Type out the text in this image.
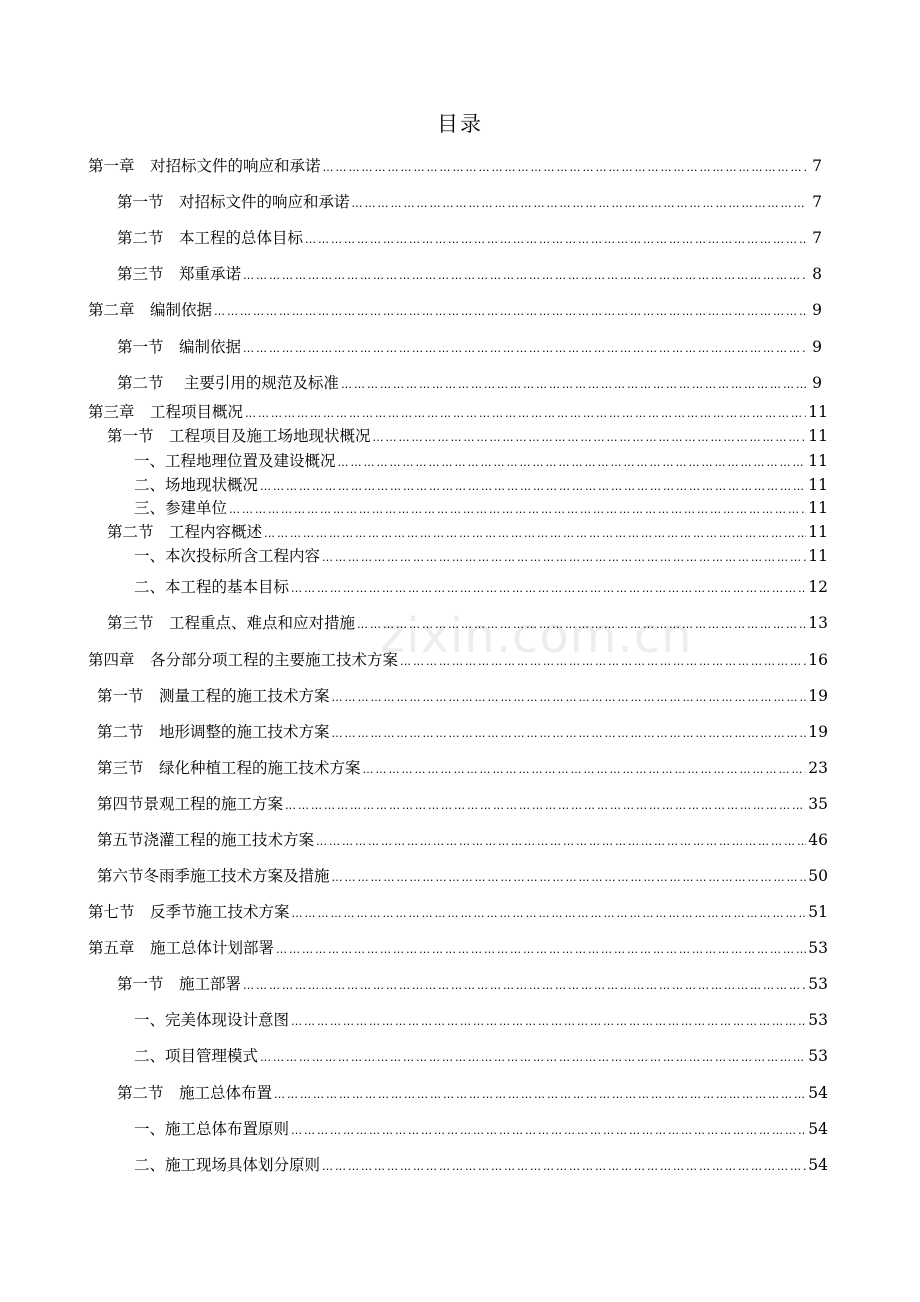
目录
第一章　对招标文件的响应和承诺 ………………………………………………………………………………………………………………………………………………………………………………	7
第一节　对招标文件的响应和承诺 ………………………………………………………………………………………………………………………………………………………………………………	7
第二节　本工程的总体目标 ………………………………………………………………………………………………………………………………………………………………………………	7
第三节　郑重承诺 ………………………………………………………………………………………………………………………………………………………………………………	8
第二章　编制依据 ………………………………………………………………………………………………………………………………………………………………………………	9
第一节　编制依据 ………………………………………………………………………………………………………………………………………………………………………………	9
第二节　 主要引用的规范及标准 ………………………………………………………………………………………………………………………………………………………………………………	9
第三章　工程项目概况 ………………………………………………………………………………………………………………………………………………………………………………	11
第一节　工程项目及施工场地现状概况 ………………………………………………………………………………………………………………………………………………………………………………	11
一、工程地理位置及建设概况 ………………………………………………………………………………………………………………………………………………………………………………	11
二、场地现状概况 ………………………………………………………………………………………………………………………………………………………………………………	11
三、参建单位 ………………………………………………………………………………………………………………………………………………………………………………	11
第二节　工程内容概述 ………………………………………………………………………………………………………………………………………………………………………………	11
一、本次投标所含工程内容 ………………………………………………………………………………………………………………………………………………………………………………	11
二、本工程的基本目标 ………………………………………………………………………………………………………………………………………………………………………………	12
第三节　工程重点、难点和应对措施 ………………………………………………………………………………………………………………………………………………………………………………	13
第四章　各分部分项工程的主要施工技术方案 ………………………………………………………………………………………………………………………………………………………………………………	16
第一节　测量工程的施工技术方案 ………………………………………………………………………………………………………………………………………………………………………………	19
第二节　地形调整的施工技术方案 ………………………………………………………………………………………………………………………………………………………………………………	19
第三节　绿化种植工程的施工技术方案 ………………………………………………………………………………………………………………………………………………………………………………	23
第四节景观工程的施工方案 ………………………………………………………………………………………………………………………………………………………………………………	35
第五节浇灌工程的施工技术方案 ………………………………………………………………………………………………………………………………………………………………………………	46
第六节冬雨季施工技术方案及措施 ………………………………………………………………………………………………………………………………………………………………………………	50
第七节　反季节施工技术方案 ………………………………………………………………………………………………………………………………………………………………………………	51
第五章　施工总体计划部署 ………………………………………………………………………………………………………………………………………………………………………………	53
第一节　施工部署 ………………………………………………………………………………………………………………………………………………………………………………	53
一、完美体现设计意图 ………………………………………………………………………………………………………………………………………………………………………………	53
二、项目管理模式 ………………………………………………………………………………………………………………………………………………………………………………	53
第二节　施工总体布置 ………………………………………………………………………………………………………………………………………………………………………………	54
一、施工总体布置原则 ………………………………………………………………………………………………………………………………………………………………………………	54
二、施工现场具体划分原则 ………………………………………………………………………………………………………………………………………………………………………………	54
zixin.com.cn
